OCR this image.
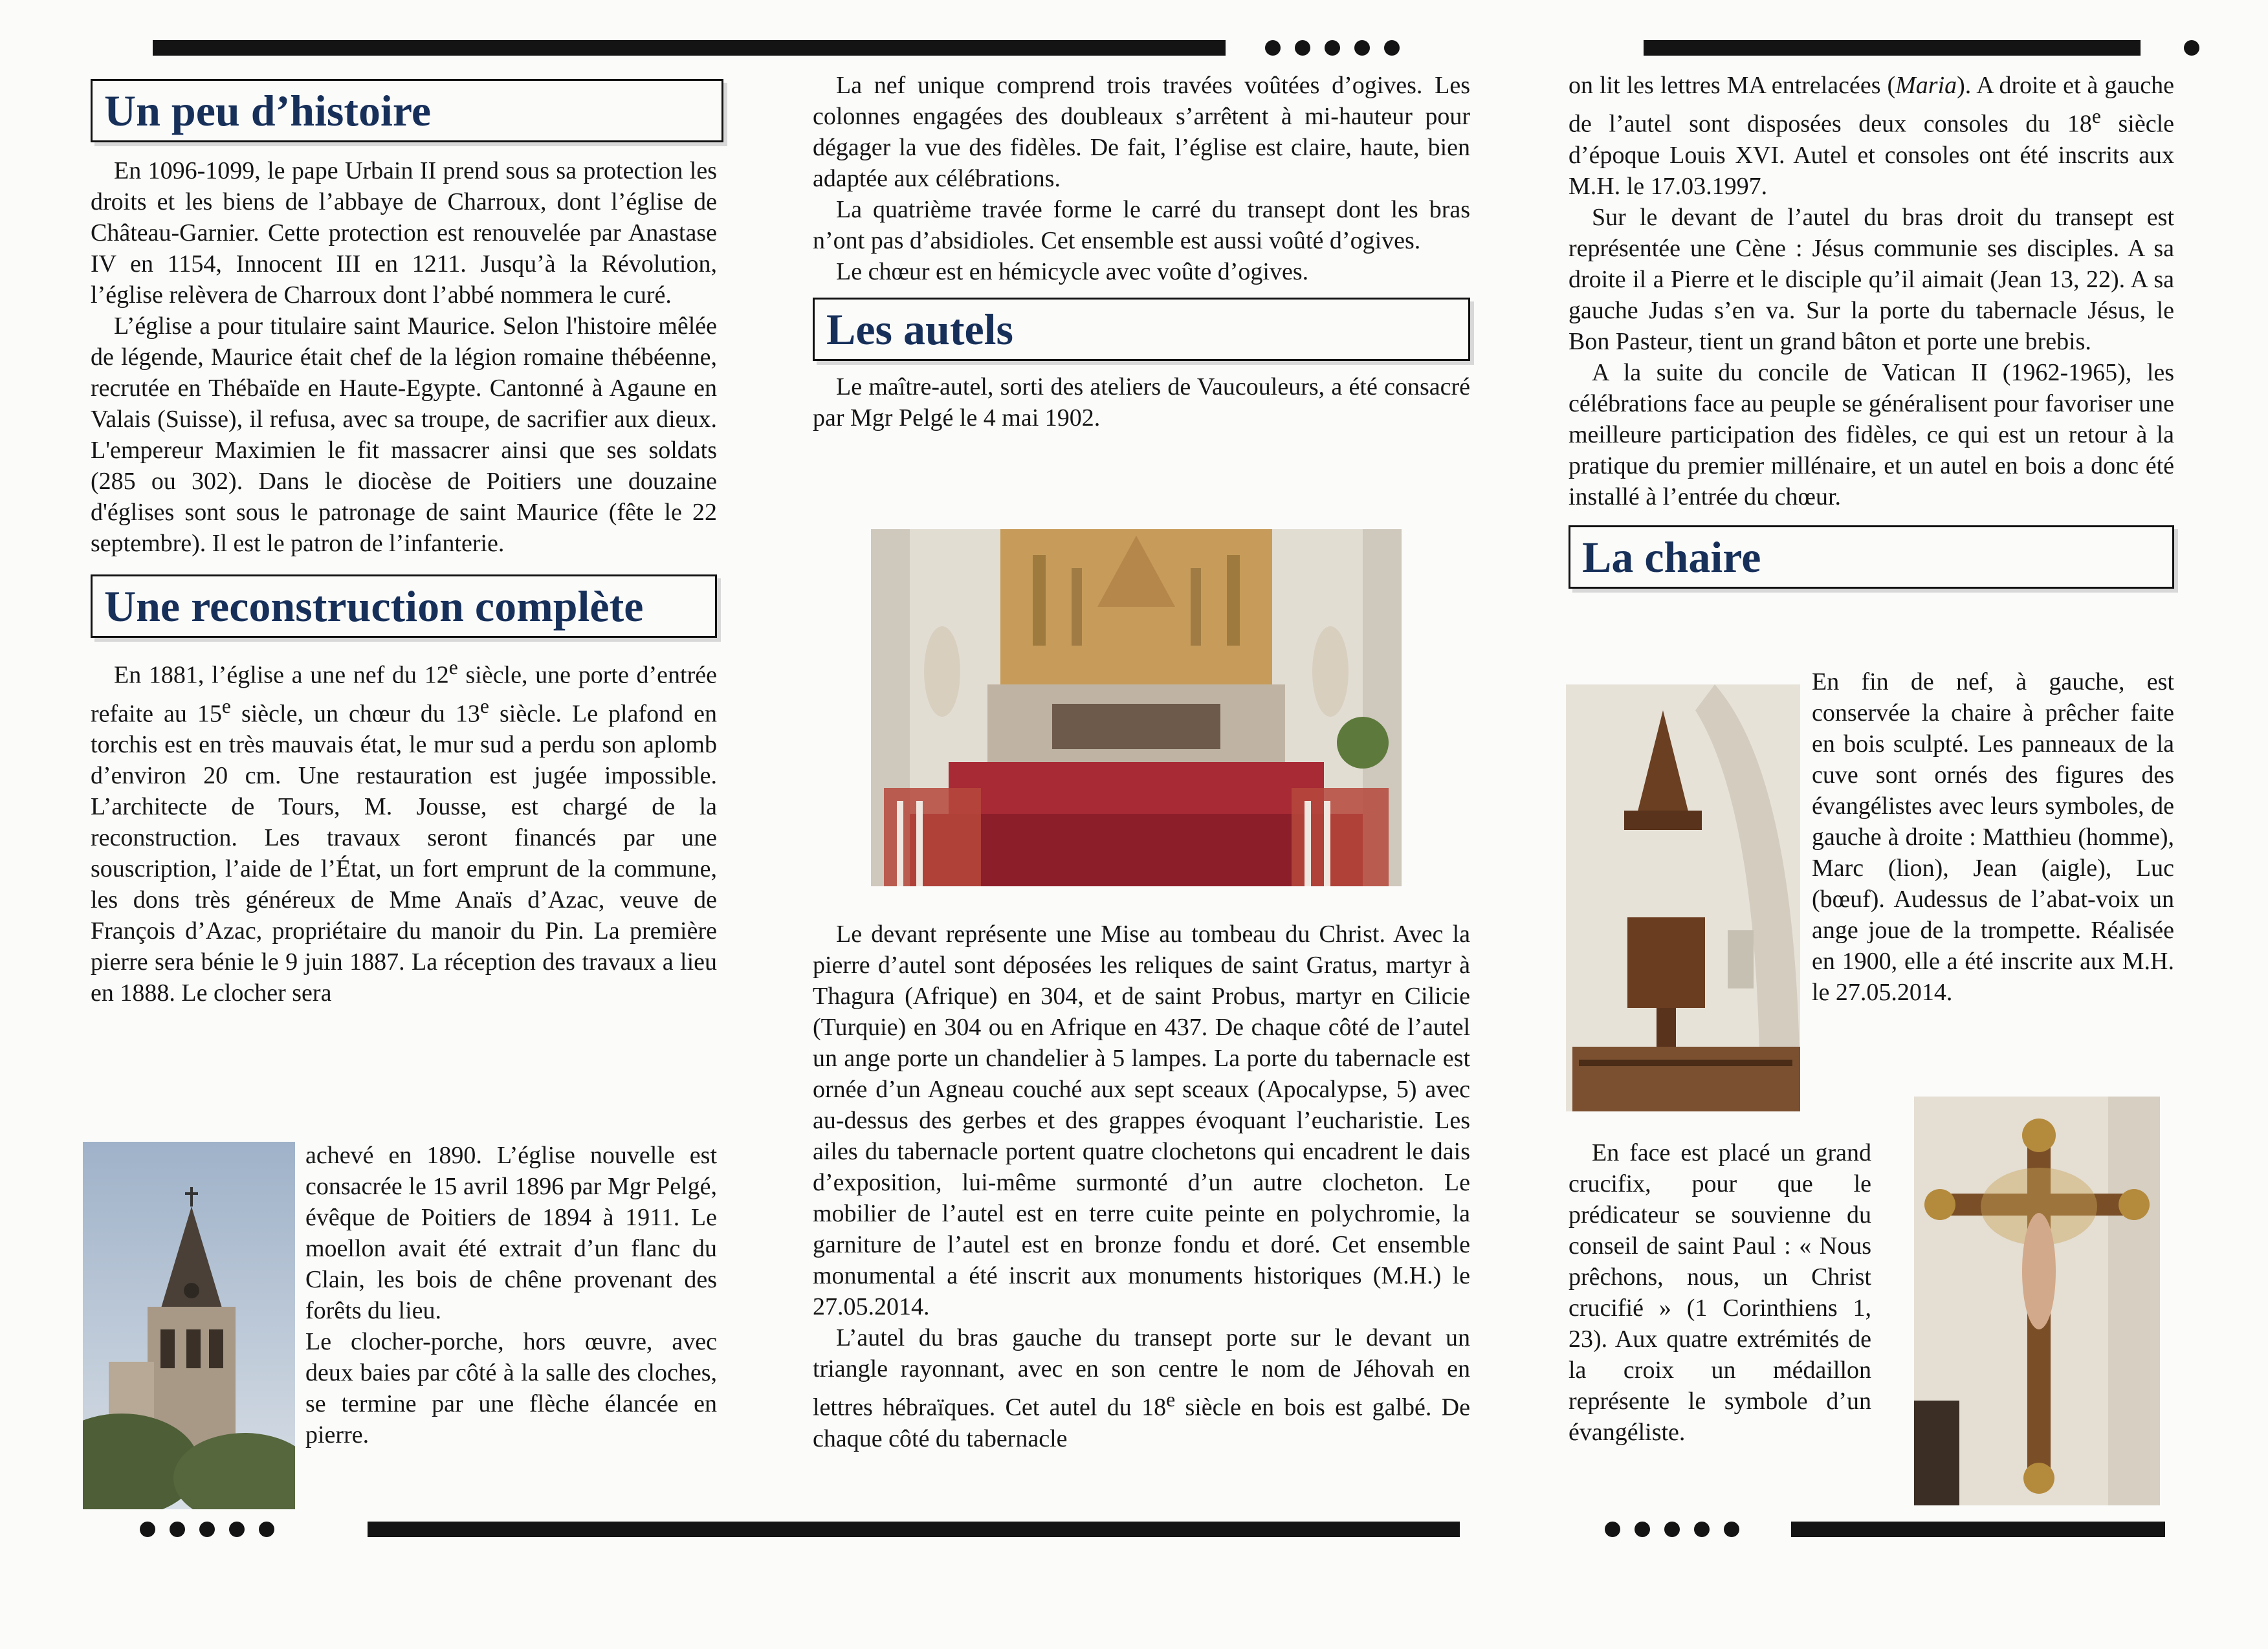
Un peu d’histoire

En 1096-1099, le pape Urbain II prend sous sa protection les droits et les biens de l’abbaye de Charroux, dont l’église de Château-Garnier. Cette protection est renouvelée par Anastase IV en 1154, Innocent III en 1211. Jusqu’à la Révolution, l’église relèvera de Charroux dont l’abbé nommera le curé.

L’église a pour titulaire saint Maurice. Selon l'histoire mêlée de légende, Maurice était chef de la légion romaine thébéenne, recrutée en Thébaïde en Haute-Egypte. Cantonné à Agaune en Valais (Suisse), il refusa, avec sa troupe, de sacrifier aux dieux. L'empereur Maximien le fit massacrer ainsi que ses soldats (285 ou 302). Dans le diocèse de Poitiers une douzaine d'églises sont sous le patronage de saint Maurice (fête le 22 septembre). Il est le patron de l’infanterie.

Une reconstruction complète

En 1881, l’église a une nef du 12e siècle, une porte d’entrée refaite au 15e siècle, un chœur du 13e siècle. Le plafond en torchis est en très mauvais état, le mur sud a perdu son aplomb d’environ 20 cm. Une restauration est jugée impossible. L’architecte de Tours, M. Jousse, est chargé de la reconstruction. Les travaux seront financés par une souscription, l’aide de l’État, un fort emprunt de la commune, les dons très généreux de Mme Anaïs d’Azac, veuve de François d’Azac, propriétaire du manoir du Pin. La première pierre sera bénie le 9 juin 1887. La réception des travaux a lieu en 1888. Le clocher sera

achevé en 1890. L’église nouvelle est consacrée le 15 avril 1896 par Mgr Pelgé, évêque de Poitiers de 1894 à 1911. Le moellon avait été extrait d’un flanc du Clain, les bois de chêne provenant des forêts du lieu.

Le clocher-porche, hors œuvre, avec deux baies par côté à la salle des cloches, se termine par une flèche élancée en pierre.

La nef unique comprend trois travées voûtées d’ogives. Les colonnes engagées des doubleaux s’arrêtent à mi-hauteur pour dégager la vue des fidèles. De fait, l’église est claire, haute, bien adaptée aux célébrations.

La quatrième travée forme le carré du transept dont les bras n’ont pas d’absidioles. Cet ensemble est aussi voûté d’ogives.

Le chœur est en hémicycle avec voûte d’ogives.

Les autels

Le maître-autel, sorti des ateliers de Vaucouleurs, a été consacré par Mgr Pelgé le 4 mai 1902.

Le devant représente une Mise au tombeau du Christ. Avec la pierre d’autel sont déposées les reliques de saint Gratus, martyr à Thagura (Afrique) en 304, et de saint Probus, martyr en Cilicie (Turquie) en 304 ou en Afrique en 437. De chaque côté de l’autel un ange porte un chandelier à 5 lampes. La porte du tabernacle est ornée d’un Agneau couché aux sept sceaux (Apocalypse, 5) avec au-dessus des gerbes et des grappes évoquant l’eucharistie. Les ailes du tabernacle portent quatre clochetons qui encadrent le dais d’exposition, lui-même surmonté d’un autre clocheton. Le mobilier de l’autel est en terre cuite peinte en polychromie, la garniture de l’autel est en bronze fondu et doré. Cet ensemble monumental a été inscrit aux monuments historiques (M.H.) le 27.05.2014.

L’autel du bras gauche du transept porte sur le devant un triangle rayonnant, avec en son centre le nom de Jéhovah en lettres hébraïques. Cet autel du 18e siècle en bois est galbé. De chaque côté du tabernacle

on lit les lettres MA entrelacées (Maria). A droite et à gauche de l’autel sont disposées deux consoles du 18e siècle d’époque Louis XVI. Autel et consoles ont été inscrits aux M.H. le 17.03.1997.

Sur le devant de l’autel du bras droit du transept est représentée une Cène : Jésus communie ses disciples. A sa droite il a Pierre et le disciple qu’il aimait (Jean 13, 22). A sa gauche Judas s’en va. Sur la porte du tabernacle Jésus, le Bon Pasteur, tient un grand bâton et porte une brebis.

A la suite du concile de Vatican II (1962-1965), les célébrations face au peuple se généralisent pour favoriser une meilleure participation des fidèles, ce qui est un retour à la pratique du premier millénaire, et un autel en bois a donc été installé à l’entrée du chœur.

La chaire

En fin de nef, à gauche, est conservée la chaire à prêcher faite en bois sculpté. Les panneaux de la cuve sont ornés des figures des évangélistes avec leurs symboles, de gauche à droite : Matthieu (homme), Marc (lion), Jean (aigle), Luc (bœuf). Audessus de l’abat-voix un ange joue de la trompette. Réalisée en 1900, elle a été inscrite aux M.H. le 27.05.2014.

En face est placé un grand crucifix, pour que le prédicateur se souvienne du conseil de saint Paul : « Nous prêchons, nous, un Christ crucifié » (1 Corinthiens 1, 23). Aux quatre extrémités de la croix un médaillon représente le symbole d’un évangéliste.
